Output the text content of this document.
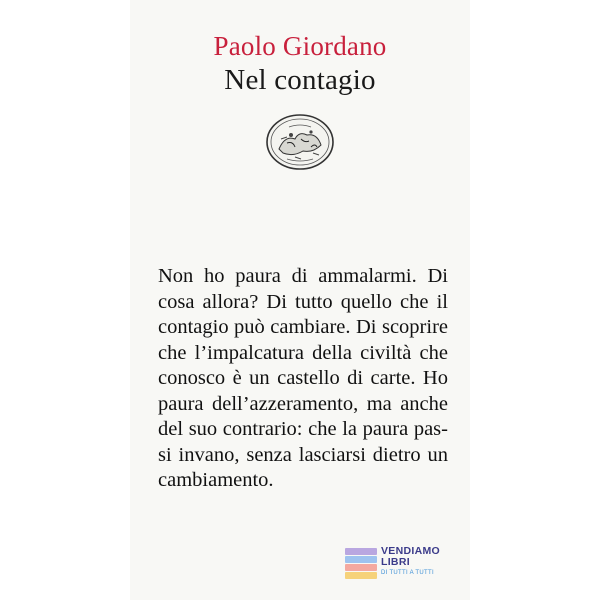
Paolo Giordano
Nel contagio
Non ho paura di ammalarmi. Di
cosa allora? Di tutto quello che il
contagio può cambiare. Di scoprire
che l’impalcatura della civiltà che
conosco è un castello di carte. Ho
paura dell’azzeramento, ma anche
del suo contrario: che la paura pas-
si invano, senza lasciarsi dietro un
cambiamento.
VENDIAMO
LIBRI
DI TUTTI A TUTTI
